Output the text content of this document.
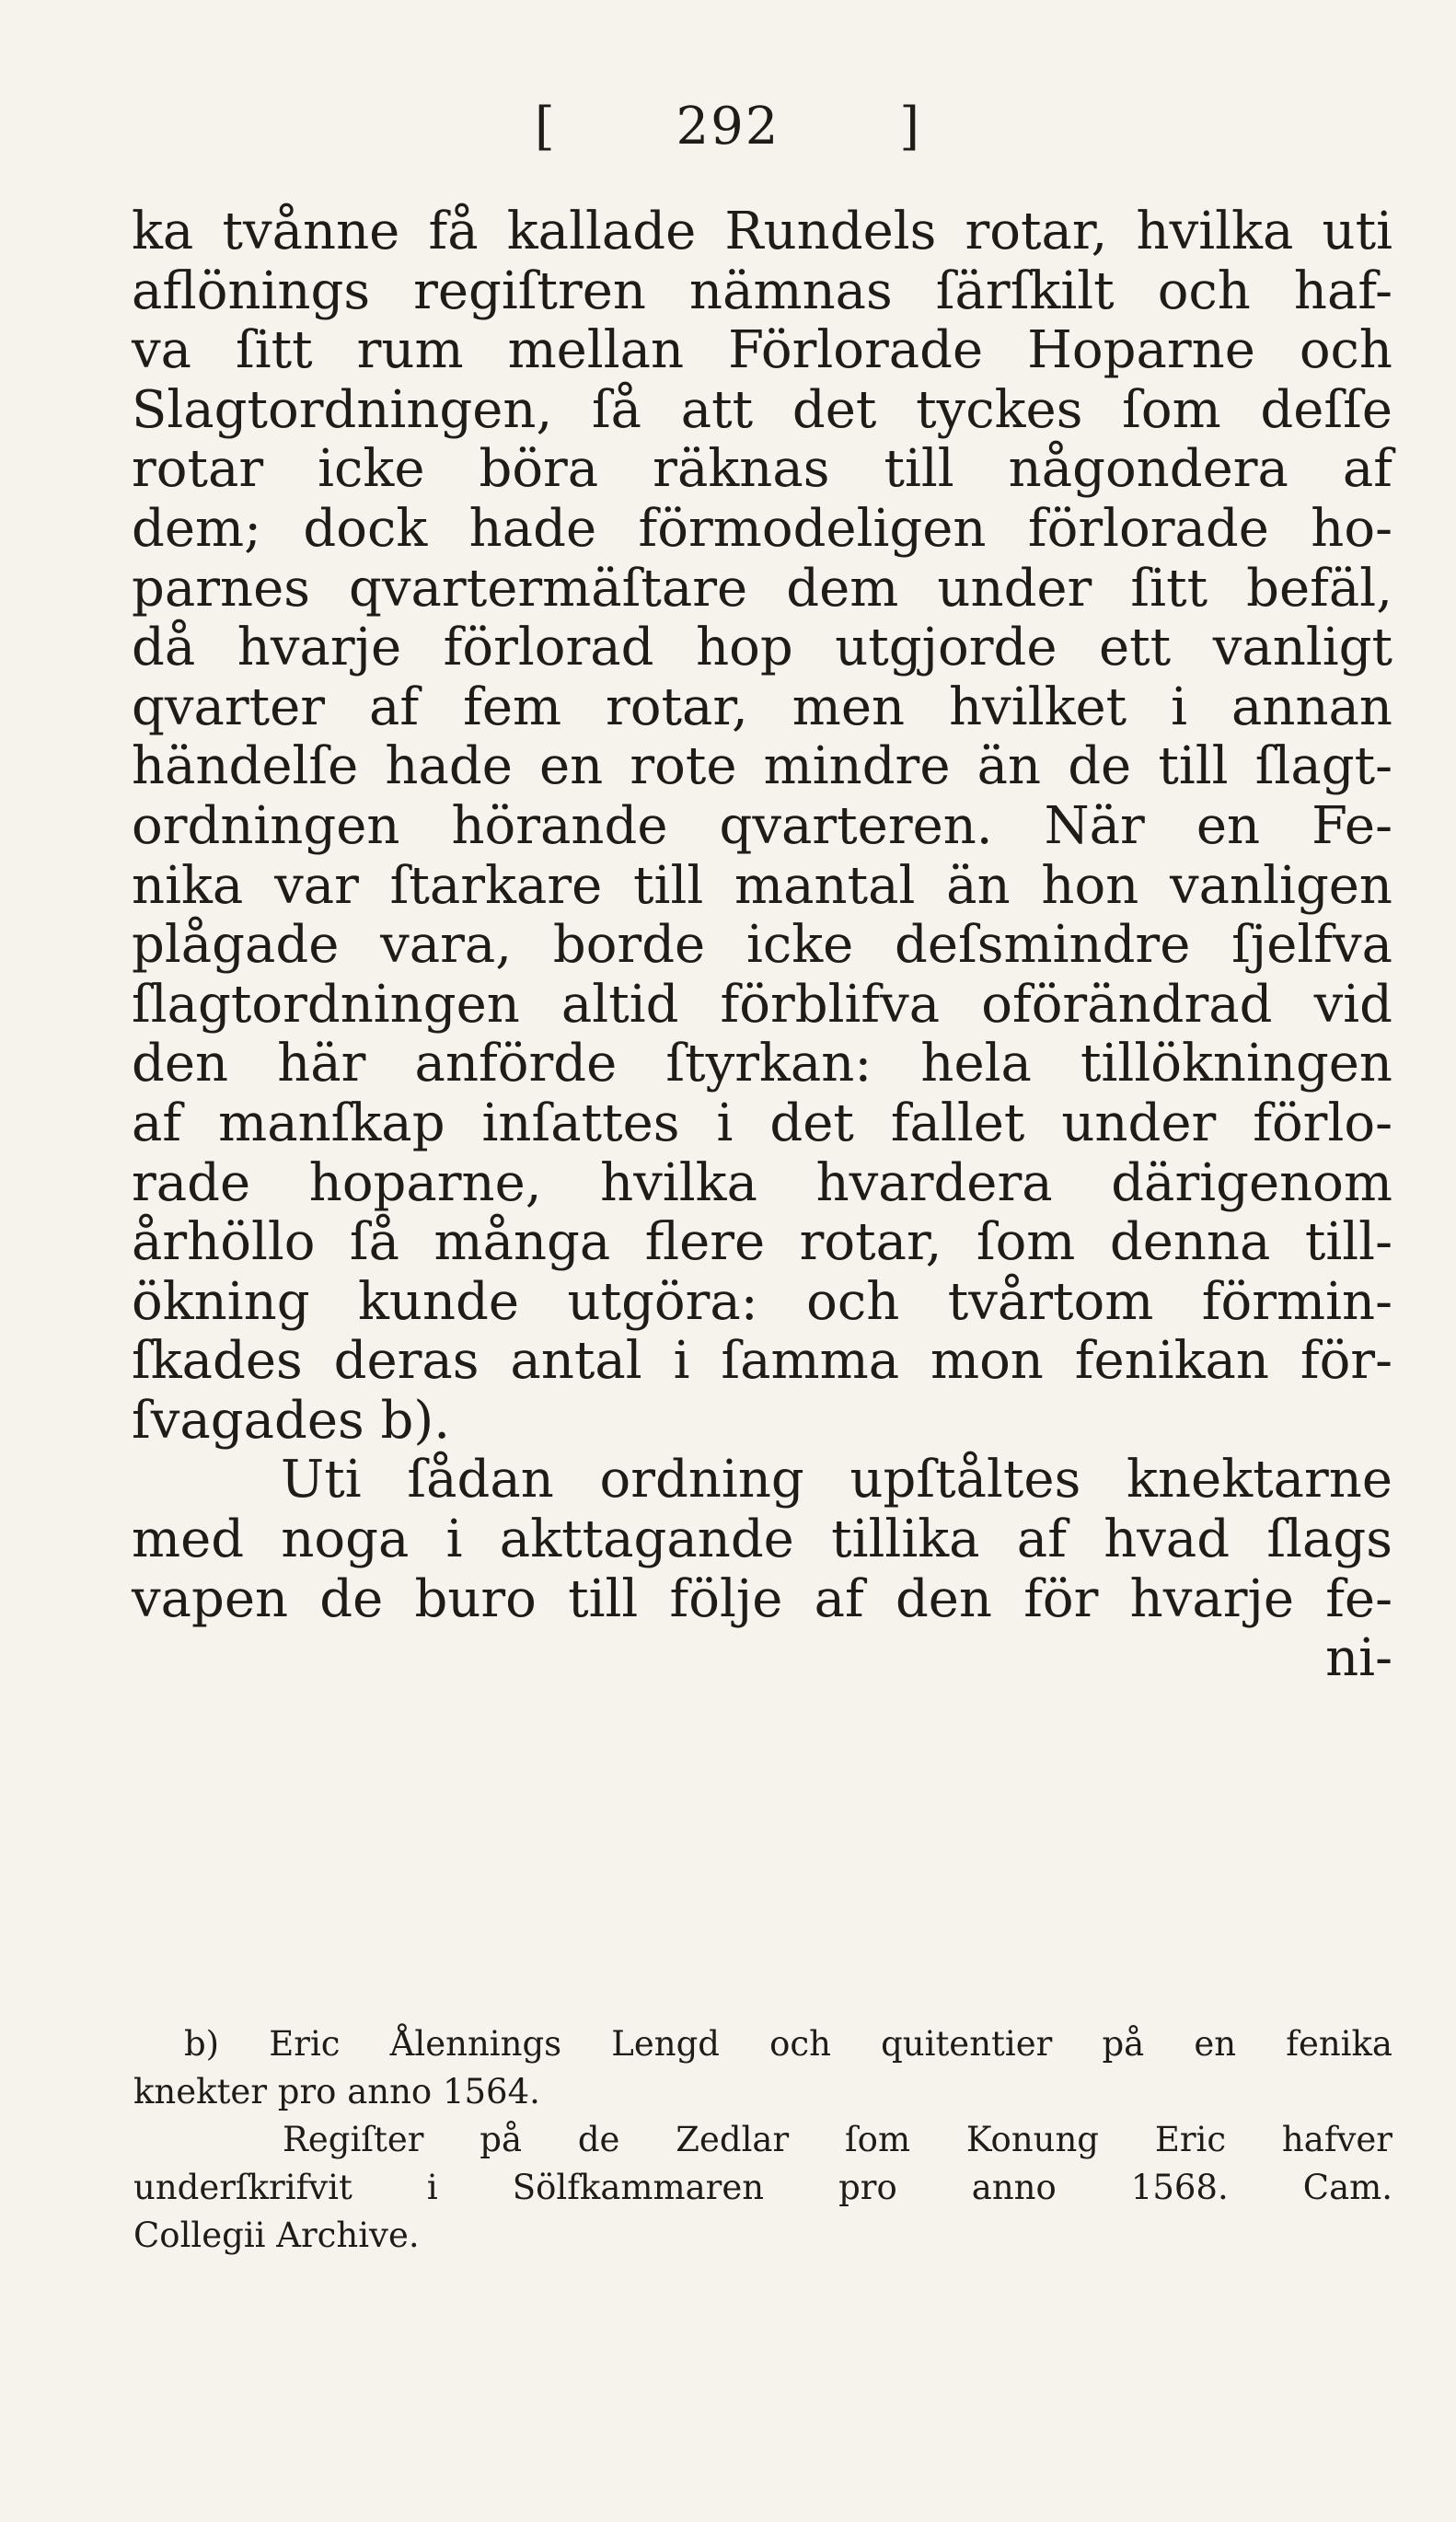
[ 292 ]
ka tvånne få kallade Rundels rotar, hvilka uti
aflönings regiſtren nämnas ſärſkilt och haf-
va ſitt rum mellan Förlorade Hoparne och
Slagtordningen, ſå att det tyckes ſom deſſe
rotar icke böra räknas till någondera af
dem; dock hade förmodeligen förlorade ho-
parnes qvartermäſtare dem under ſitt befäl,
då hvarje förlorad hop utgjorde ett vanligt
qvarter af fem rotar, men hvilket i annan
händelſe hade en rote mindre än de till ſlagt-
ordningen hörande qvarteren. När en Fe-
nika var ſtarkare till mantal än hon vanligen
plågade vara, borde icke deſsmindre ſjelfva
ſlagtordningen altid förblifva oförändrad vid
den här anförde ſtyrkan: hela tillökningen
af manſkap inſattes i det fallet under förlo-
rade hoparne, hvilka hvardera därigenom
århöllo ſå många flere rotar, ſom denna till-
ökning kunde utgöra: och tvårtom förmin-
ſkades deras antal i ſamma mon fenikan för-
ſvagades b).
Uti ſådan ordning upſtåltes knektarne
med noga i akttagande tillika af hvad ſlags
vapen de buro till följe af den för hvarje fe-
ni-
b) Eric Ålennings Lengd och quitentier på en fenika
knekter pro anno 1564.
Regiſter på de Zedlar ſom Konung Eric hafver
underſkrifvit i Sölfkammaren pro anno 1568. Cam.
Collegii Archive.
